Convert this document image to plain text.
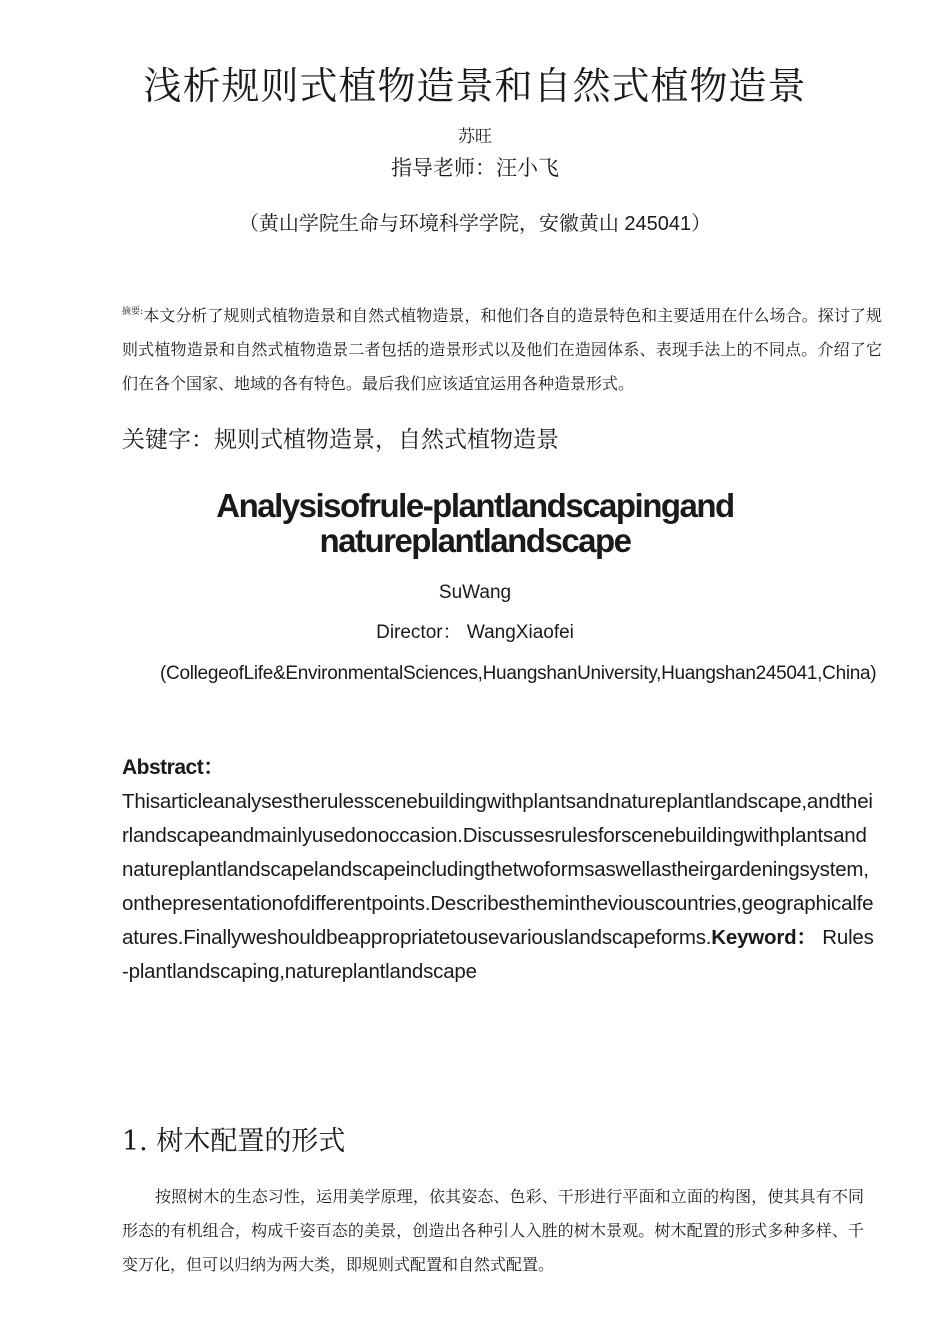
浅析规则式植物造景和自然式植物造景
苏旺
指导老师：汪小飞
（黄山学院生命与环境科学学院，安徽黄山 245041）
$^{摘要:}$本文分析了规则式植物造景和自然式植物造景，和他们各自的造景特色和主要适用在什么场合。探讨了规则式植物造景和自然式植物造景二者包括的造景形式以及他们在造园体系、表现手法上的不同点。介绍了它们在各个国家、地域的各有特色。最后我们应该适宜运用各种造景形式。
关键字：规则式植物造景，自然式植物造景
Analysisofrule-plantlandscapingand
natureplantlandscape
SuWang
Director： WangXiaofei
(CollegeofLife&EnvironmentalSciences,HuangshanUniversity,Huangshan245041,China)
Abstract：
Thisarticleanalysestherulesscenebuildingwithplantsandnatureplantlandscape,andtheirlandscapeandmainlyusedonoccasion.Discussesrulesforscenebuildingwithplantsandnatureplantlandscapelandscapeincludingthetwoformsaswellastheirgardeningsystem,onthepresentationofdifferentpoints.Describesthemintheviouscountries,geographicalfeatures.Finallyweshouldbeappropriatetousevariouslandscapeforms.Keyword： Rules-plantlandscaping,natureplantlandscape
1. 树木配置的形式
按照树木的生态习性，运用美学原理，依其姿态、色彩、干形进行平面和立面的构图，使其具有不同形态的有机组合，构成千姿百态的美景，创造出各种引人入胜的树木景观。树木配置的形式多种多样、千变万化，但可以归纳为两大类，即规则式配置和自然式配置。
